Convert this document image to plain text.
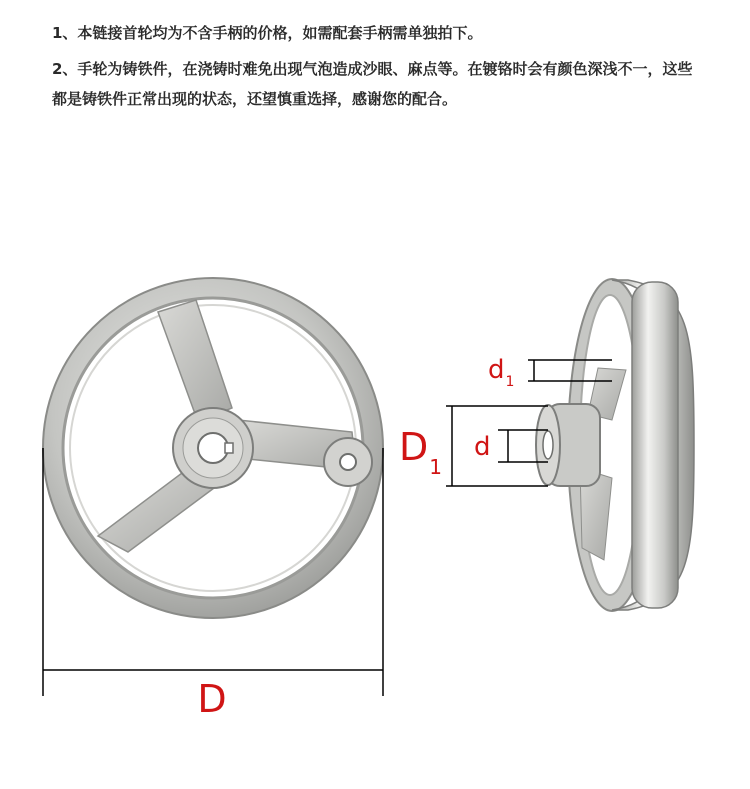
1、本链接首轮均为不含手柄的价格，如需配套手柄需单独拍下。

2、手轮为铸铁件，在浇铸时难免出现气泡造成沙眼、麻点等。在镀铬时会有颜色深浅不一，这些都是铸铁件正常出现的状态，还望慎重选择，感谢您的配合。

D
$d_1$
$D_1$
d
